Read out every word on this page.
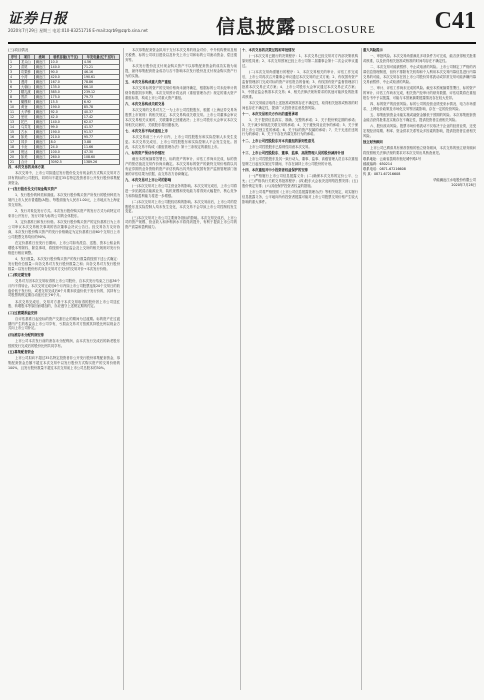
证券日报
2020年7月29日 星期三 电话:010-83251716 E-mail:zqrb9@zqrb.sina.net	信息披露 DISCLOSURE C41
(三)项目情况
序号	项目	流域	装机容量(万千瓦)	年发电量(亿千瓦时)
1	龙头山	澜沧江	10.0	4.56
2	苗尾	澜沧江	140.0	71.21
3	功果桥	澜沧江	90.0	46.16
4	小湾	澜沧江	420.0	190.61
5	漫湾	澜沧江	167.0	78.86
6	大朝山	澜沧江	135.0	66.10
7	糯扎渡	澜沧江	585.0	239.12
8	景洪	澜沧江	175.0	79.73
9	橄榄坝	澜沧江	15.5	6.92
10	黄登	澜沧江	190.0	85.78
11	大华桥	澜沧江	92.0	40.37
12	里底	澜沧江	42.0	17.42
13	托巴	澜沧江	140.0	62.07
14	乌弄龙	澜沧江	99.0	41.57
15	古水	澜沧江	190.0	91.57
16	如美	澜沧江	210.0	95.77
17	邦多	澜沧江	8.0	3.88
18	卡贡	澜沧江	24.0	11.66
19	班达	澜沧江	100.0	47.30
20	如美	澜沧江	260.0	108.60
21	合计		3092.5	1389.26

四、本次交易的具体方案

本次交易中，上市公司拟通过发行股份及支付现金的方式购买交易对方持有的标的公司股权，同时向不超过35名特定投资者非公开发行股份募集配套资金。

(一)发行股份及支付现金购买资产

1、发行股份的种类和面值。本次发行股份购买资产所发行的股份种类为境内上市人民币普通股(A股)，每股面值为人民币1.00元，上市地点为上海证券交易所。

2、发行对象及发行方式。本次发行股份购买资产的发行方式为向特定对象非公开发行，发行对象为标的公司的全体股东。

3、定价基准日和发行价格。本次发行股份购买资产的定价基准日为上市公司审议本次交易相关事项的首次董事会决议公告日。经交易各方友好协商，本次发行股份购买资产的发行价格确定为定价基准日前60个交易日上市公司股票交易均价的90%。

在定价基准日至发行日期间，上市公司如有派息、送股、资本公积金转增股本等除权、除息事项，将按照中国证监会及上交所的相关规则对发行价格进行相应调整。

4、发行数量。本次发行股份购买资产的发行数量将按照下述公式确定：发行股份总数量＝向各交易对方发行股份数量之和；向各交易对方发行股份数量＝以发行股份形式向各交易对方支付的交易对价÷本次发行价格。

(二)锁定期安排

交易对方因本次交易取得的上市公司股份，自本次发行结束之日起36个月内不得转让。本次交易完成后6个月内如上市公司股票连续20个交易日的收盘价低于发行价，或者交易完成后6个月期末收盘价低于发行价的，其持有公司股票的锁定期自动延长至少6个月。

本次交易完成后，交易对方基于本次交易取得的股份因上市公司送红股、转增股本等原因而增加的，亦应遵守上述锁定期的约定。

(三)过渡期损益安排

自评估基准日起至标的资产交割日止的期间为过渡期。标的资产在过渡期内产生的收益由上市公司享有，亏损由交易对方按照其持股比例以现金方式向上市公司补足。

(四)滚存未分配利润安排

上市公司本次发行前的滚存未分配利润，由本次发行完成后的新老股东按照发行完成后的股份比例共同享有。

(五)募集配套资金

上市公司拟向不超过35名特定投资者非公开发行股份募集配套资金，募集配套资金总额不超过本次交易中以发行股份方式购买资产的交易价格的100%，且发行股份数量不超过本次交易前上市公司总股本的30%。

本次募集配套资金拟用于支付本次交易的现金对价、中介机构费用及相关税费、标的公司项目建设以及补充上市公司和标的公司流动资金、偿还债务等。

本次发行股份及支付现金购买资产不以募集配套资金的成功实施为前提，最终募集配套资金成功与否不影响本次发行股份及支付现金购买资产行为的实施。

五、本次交易构成重大资产重组

本次交易标的资产的交易价格尚未最终确定，根据标的公司未经审计的财务数据初步判断，本次交易预计将达到《重组管理办法》规定的重大资产重组标准，构成上市公司重大资产重组。

六、本次交易构成关联交易

本次交易的交易对方之一为上市公司控股股东，根据《上海证券交易所股票上市规则》的相关规定，本次交易构成关联交易。上市公司董事会审议本次交易相关议案时，关联董事已回避表决；上市公司股东大会审议本次交易相关议案时，关联股东将回避表决。

七、本次交易不构成重组上市

本次交易前三十六个月内，上市公司控股股东和实际控制人未发生变更。本次交易完成后，上市公司控股股东和实际控制人不会发生变化。因此，本次交易不构成《重组管理办法》第十三条规定的重组上市。

八、标的资产预估作价情况

截至本预案摘要签署日，标的资产的审计、评估工作尚未完成，标的资产的预估值及交易作价尚未确定。本次交易标的资产的最终交易价格将以具有证券期货业务资格的资产评估机构出具并经有权国有资产监督管理部门备案的评估结果为依据，由交易各方协商确定。

九、本次交易对上市公司的影响

(一)本次交易对上市公司主营业务的影响。本次交易完成后，上市公司将进一步拓展清洁能源业务，装机规模和发电能力将得到大幅提升，核心竞争力和持续盈利能力将进一步增强。

(二)本次交易对上市公司股权结构的影响。本次交易前后，上市公司的控股股东及实际控制人均未发生变化，本次交易不会导致上市公司控制权发生变更。

(三)本次交易对上市公司主要财务指标的影响。本次交易完成后，上市公司的资产规模、营业收入和净利润水平将得到提升，有利于提高上市公司的资产质量和盈利能力。

十、本次交易的决策过程和审批情况

(一)本次交易已履行的决策程序：1、本次交易已经交易对方内部决策机构原则性同意；2、本次交易预案已经上市公司第二届董事会第十二次会议审议通过。

(二)本次交易尚需履行的程序：1、本次交易相关的审计、评估工作完成后，上市公司再次召开董事会审议通过本次交易的正式方案；2、有权国有资产监督管理部门完成对标的资产评估报告的备案；3、有权国有资产监督管理部门批准本次交易正式方案；4、上市公司股东大会审议通过本次交易正式方案；5、中国证监会核准本次交易；6、相关法律法规所要求的其他可能涉及的批准或核准。

本次交易能否取得上述批准或核准存在不确定性，取得相关批准或核准的时间也存在不确定性，提请广大投资者注意投资风险。

十一、本次交易相关方作出的重要承诺

1、关于提供信息真实、准确、完整的承诺；2、关于股份锁定期的承诺；3、关于减少和规范关联交易的承诺；4、关于避免同业竞争的承诺；5、关于保持上市公司独立性的承诺；6、关于标的资产权属的承诺；7、关于无违法违规行为的承诺；8、关于不存在内幕交易行为的承诺。

十二、上市公司控股股东对本次重组的原则性意见

上市公司控股股东已原则性同意本次交易。

十三、上市公司控股股东、董事、监事、高级管理人员的股份减持计划

上市公司控股股东及其一致行动人、董事、监事、高级管理人员自本次重组复牌之日起至实施完毕期间，不存在减持上市公司股份的计划。

十四、本次重组对中小投资者权益保护的安排

(一)严格履行上市公司信息披露义务；(二)确保本次交易的定价公平、公允；(三)严格执行关联交易批准程序；(四)股东大会表决及网络投票安排；(五)股份锁定安排；(六)其他保护投资者权益的措施。

上市公司将严格按照《上市公司信息披露管理办法》等相关规定，切实履行信息披露义务，公平地向所有投资者披露可能对上市公司股票交易价格产生较大影响的重大事件。

重大风险提示

一、审批风险。本次交易尚需满足多项条件方可完成，能否获得相关批准或核准，以及获得相关批准或核准的时间均存在不确定性。

二、本次交易可能被暂停、中止或取消的风险。上市公司制定了严格的内幕信息管理制度，但仍不排除有关机构和个人利用本次交易内幕信息进行内幕交易的可能，本次交易存在因上市公司股价异常波动或异常交易可能涉嫌内幕交易而暂停、中止或取消的风险。

三、审计、评估工作尚未完成的风险。截至本预案摘要签署日，标的资产的审计、评估工作尚未完成，相关资产经审计的财务数据、评估结果将在重组报告书中予以披露，可能与本预案摘要披露情况存在较大差异。

四、标的资产的经营风险。标的公司的经营业绩受来水情况、电力市场需求、上网电价政策及市场化交易等因素影响，存在一定的经营风险。

五、募集配套资金未能实施或融资金额低于预期的风险。本次募集配套资金能否获得批准及实施存在不确定性，提请投资者注意相关风险。

六、股价波动风险。股票市场价格波动不仅取决于企业的经营业绩，还受宏观经济周期、利率、资金供求关系等众多因素的影响，提请投资者注意相关风险。

独立财务顾问

上市公司已聘请具有保荐资格的独立财务顾问，本次交易的独立财务顾问将按照相关法律法规的要求对本次交易出具核查意见。

联系地址：云南省昆明市世纪城中路1号
邮政编码：650214
联系电话：0871-67216608
传 真：0871-67216608
华能澜沧江水电股份有限公司
2020年7月28日
